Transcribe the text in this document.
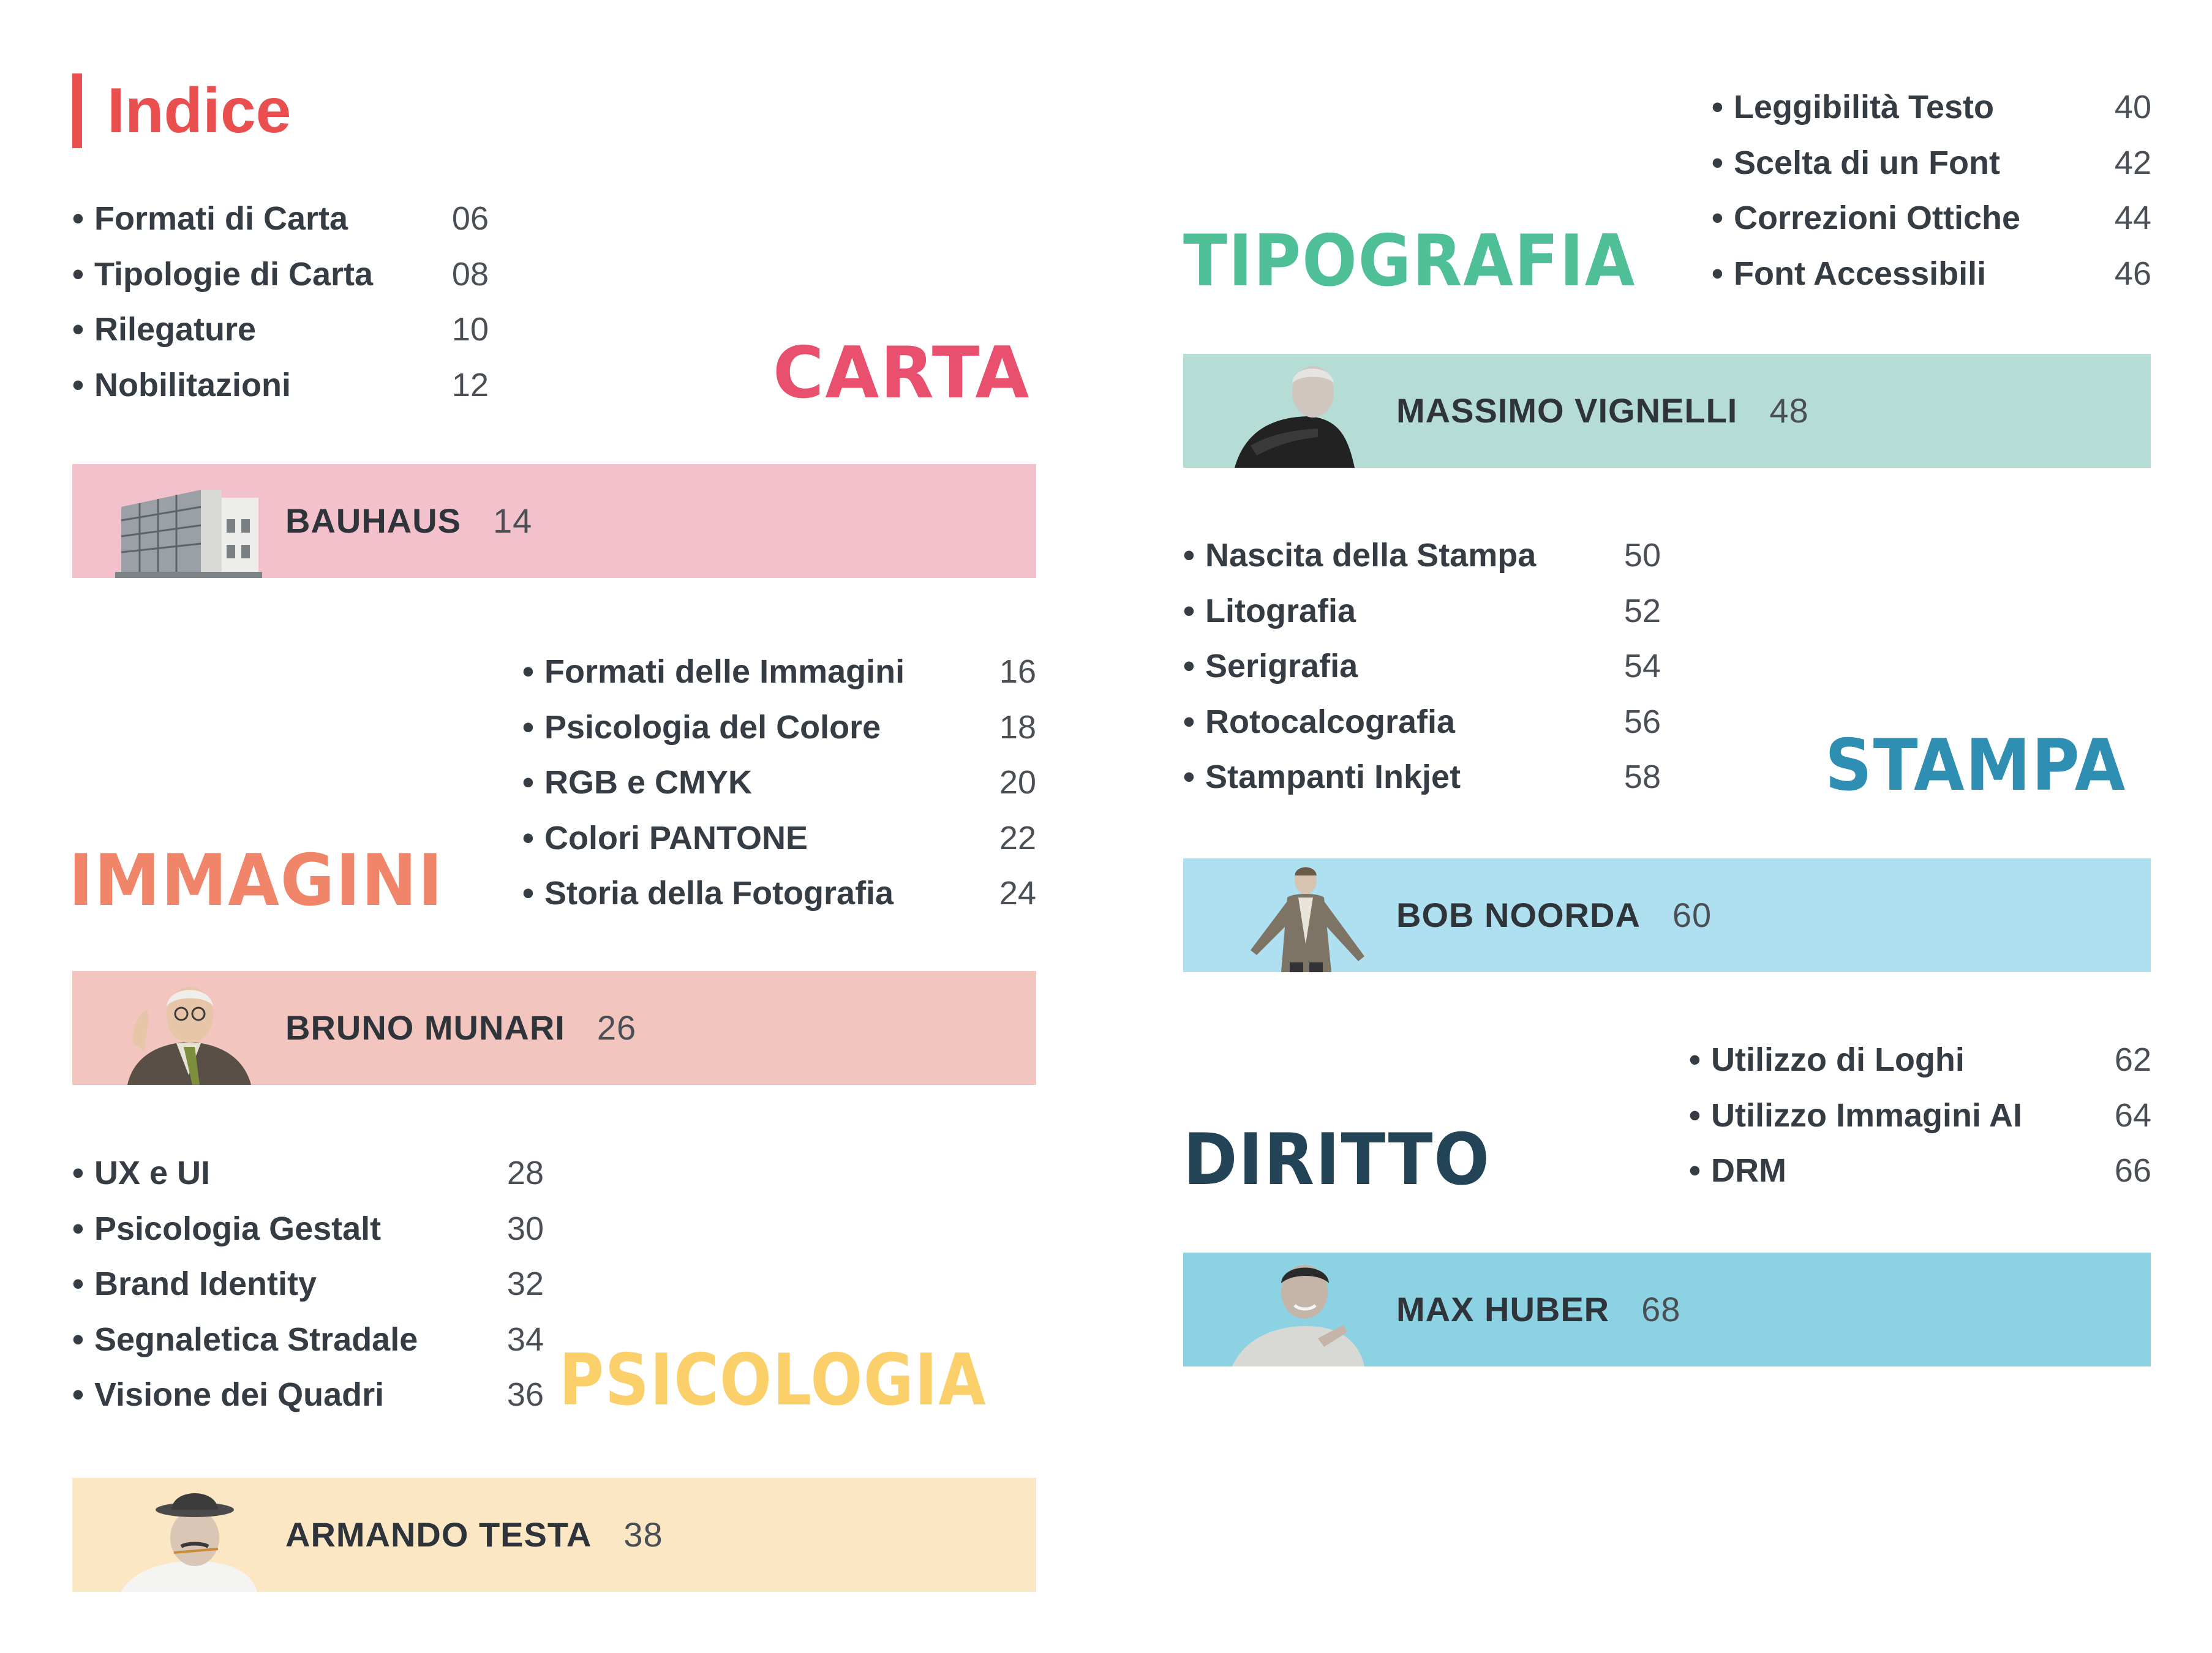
Indice
• Formati di Carta	06
• Tipologie di Carta 08
• Rilegature	10
• Nobilitazioni	12	CARTA
BAUHAUS 14
• Formati delle Immagini	16
• Psicologia del Colore	18
• RGB e CMYK	20
• Colori PANTONE	22
• Storia della Fotografia	24
IMMAGINI
BRUNO MUNARI 26
• UX e UI	28
• Psicologia Gestalt	30
• Brand Identity	32
• Segnaletica Stradale	34
• Visione dei Quadri	36 PSICOLOGIA
ARMANDO TESTA 38
• Leggibilità Testo	40
• Scelta di un Font	42
• Correzioni Ottiche	44
• Font Accessibili	46
TIPOGRAFIA
MASSIMO VIGNELLI 48
• Nascita della Stampa	50
• Litografia	52
• Serigrafia	54
• Rotocalcografia	56
• Stampanti Inkjet	58 STAMPA
BOB NOORDA 60
• Utilizzo di Loghi	62
• Utilizzo Immagini AI	64
• DRM	66
DIRITTO
MAX HUBER 68
